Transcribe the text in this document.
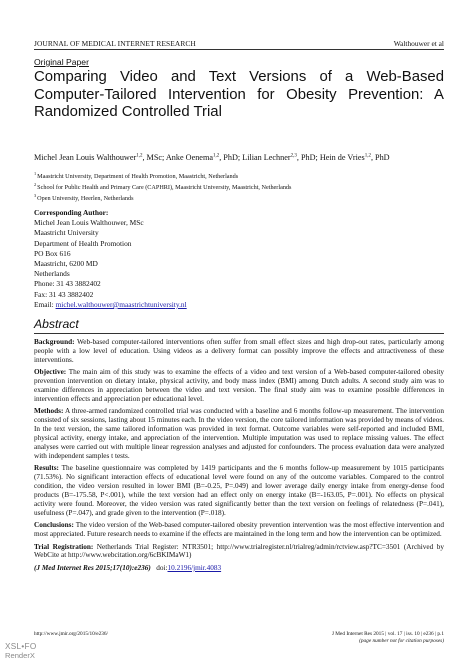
JOURNAL OF MEDICAL INTERNET RESEARCH	Walthouwer et al
Original Paper
Comparing Video and Text Versions of a Web-Based Computer-Tailored Intervention for Obesity Prevention: A Randomized Controlled Trial
Michel Jean Louis Walthouwer$^{1,2}$, MSc; Anke Oenema$^{1,2}$, PhD; Lilian Lechner$^{2,3}$, PhD; Hein de Vries$^{1,2}$, PhD
$^1$Maastricht University, Department of Health Promotion, Maastricht, Netherlands
$^2$School for Public Health and Primary Care (CAPHRI), Maastricht University, Maastricht, Netherlands
$^3$Open University, Heerlen, Netherlands
Corresponding Author:
Michel Jean Louis Walthouwer, MSc
Maastricht University
Department of Health Promotion
PO Box 616
Maastricht, 6200 MD
Netherlands
Phone: 31 43 3882402
Fax: 31 43 3882402
Email: michel.walthouwer@maastrichtuniversity.nl
Abstract

Background: Web-based computer-tailored interventions often suffer from small effect sizes and high drop-out rates, particularly among people with a low level of education. Using videos as a delivery format can possibly improve the effects and attractiveness of these interventions.

Objective: The main aim of this study was to examine the effects of a video and text version of a Web-based computer-tailored obesity prevention intervention on dietary intake, physical activity, and body mass index (BMI) among Dutch adults. A second study aim was to examine differences in appreciation between the video and text version. The final study aim was to examine possible differences in intervention effects and appreciation per educational level.

Methods: A three-armed randomized controlled trial was conducted with a baseline and 6 months follow-up measurement. The intervention consisted of six sessions, lasting about 15 minutes each. In the video version, the core tailored information was provided by means of videos. In the text version, the same tailored information was provided in text format. Outcome variables were self-reported and included BMI, physical activity, energy intake, and appreciation of the intervention. Multiple imputation was used to replace missing values. The effect analyses were carried out with multiple linear regression analyses and adjusted for confounders. The process evaluation data were analyzed with independent samples t tests.

Results: The baseline questionnaire was completed by 1419 participants and the 6 months follow-up measurement by 1015 participants (71.53%). No significant interaction effects of educational level were found on any of the outcome variables. Compared to the control condition, the video version resulted in lower BMI (B=-0.25, P=.049) and lower average daily energy intake from energy-dense food products (B=-175.58, P<.001), while the text version had an effect only on energy intake (B=-163.05, P=.001). No effects on physical activity were found. Moreover, the video version was rated significantly better than the text version on feelings of relatedness (P=.041), usefulness (P=.047), and grade given to the intervention (P=.018).

Conclusions: The video version of the Web-based computer-tailored obesity prevention intervention was the most effective intervention and most appreciated. Future research needs to examine if the effects are maintained in the long term and how the intervention can be optimized.

Trial Registration: Netherlands Trial Register: NTR3501; http://www.trialregister.nl/trialreg/admin/rctview.asp?TC=3501 (Archived by WebCite at http://www.webcitation.org/6cBKIMaW1)

(J Med Internet Res 2015;17(10):e236) doi:10.2196/jmir.4083

http://www.jmir.org/2015/10/e236/	J Med Internet Res 2015 | vol. 17 | iss. 10 | e236 | p.1
(page number not for citation purposes)
XSL•FO
RenderX
